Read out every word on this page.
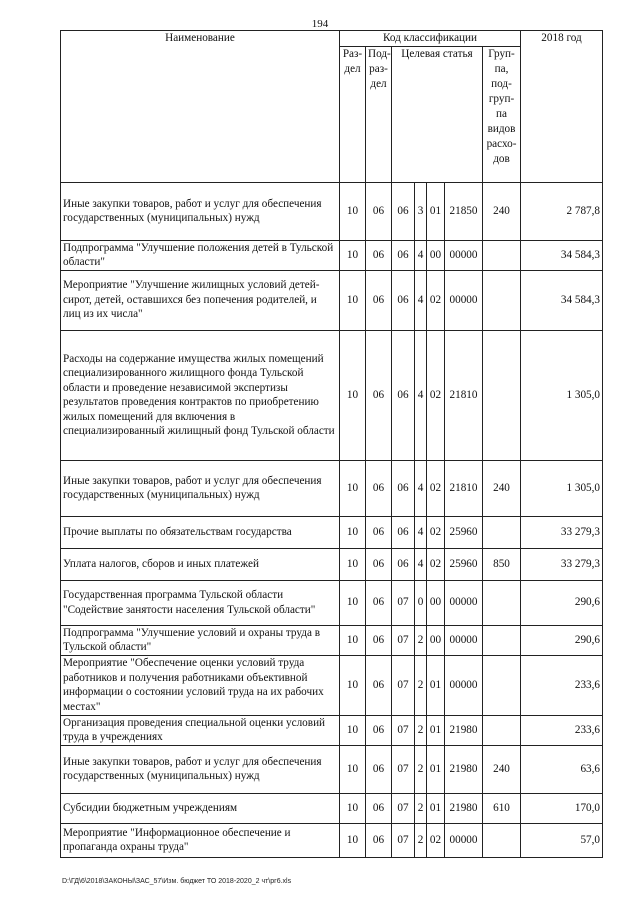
194
Наименование	Код классификации							2018 год
	Раз-дел	Под-раз-дел	Целевая статья				Груп-па, под-груп-па видов расхо-дов	
Иные закупки товаров, работ и услуг для обеспечения государственных (муниципальных) нужд	10	06	06	3	01	21850	240	2 787,8
Подпрограмма "Улучшение положения детей в Тульской области"	10	06	06	4	00	00000		34 584,3
Мероприятие "Улучшение жилищных условий детей-сирот, детей, оставшихся без попечения родителей, и лиц из их числа"	10	06	06	4	02	00000		34 584,3
Расходы на содержание имущества жилых помещений специализированного жилищного фонда Тульской области и проведение независимой экспертизы результатов проведения контрактов по приобретению жилых помещений для включения в специализированный жилищный фонд Тульской области	10	06	06	4	02	21810		1 305,0
Иные закупки товаров, работ и услуг для обеспечения государственных (муниципальных) нужд	10	06	06	4	02	21810	240	1 305,0
Прочие выплаты по обязательствам государства	10	06	06	4	02	25960		33 279,3
Уплата налогов, сборов и иных платежей	10	06	06	4	02	25960	850	33 279,3
Государственная программа Тульской области "Содействие занятости населения Тульской области"	10	06	07	0	00	00000		290,6
Подпрограмма "Улучшение условий и охраны труда в Тульской области"	10	06	07	2	00	00000		290,6
Мероприятие "Обеспечение оценки условий труда работников и получения работниками объективной информации о состоянии условий труда на их рабочих местах"	10	06	07	2	01	00000		233,6
Организация проведения специальной оценки условий труда в учреждениях	10	06	07	2	01	21980		233,6
Иные закупки товаров, работ и услуг для обеспечения государственных (муниципальных) нужд	10	06	07	2	01	21980	240	63,6
Субсидии бюджетным учреждениям	10	06	07	2	01	21980	610	170,0
Мероприятие "Информационное обеспечение и пропаганда охраны труда"	10	06	07	2	02	00000		57,0
D:\ГД\6\2018\ЗАКОНЫ\ЗАС_57\Изм. бюджет ТО 2018-2020_2 чт\рг6.xls
